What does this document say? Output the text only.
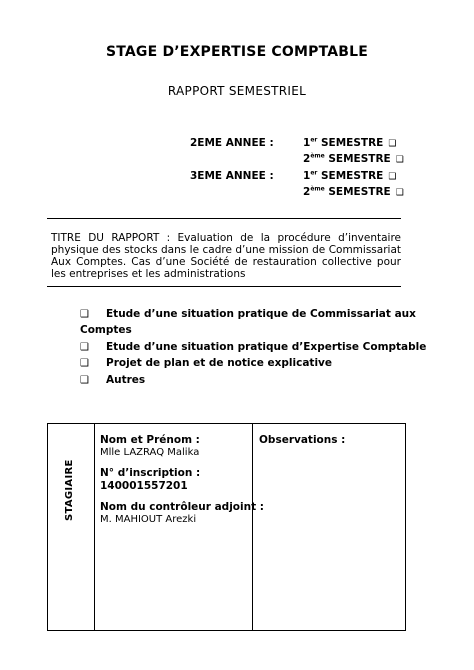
STAGE D’EXPERTISE COMPTABLE
RAPPORT SEMESTRIEL
2EME ANNEE :	1er SEMESTRE ❑
2ème SEMESTRE ❑
3EME ANNEE :	1er SEMESTRE ❑
2ème SEMESTRE ❑
TITRE DU RAPPORT : Evaluation de la procédure d’inventaire physique des stocks dans le cadre d’une mission de Commissariat Aux Comptes. Cas d’une Société de restauration collective pour les entreprises et les administrations
❑ Etude d’une situation pratique de Commissariat aux
Comptes
❑ Etude d’une situation pratique d’Expertise Comptable
❑ Projet de plan et de notice explicative
❑ Autres
STAGIAIRE
Nom et Prénom :
Mlle LAZRAQ Malika
N° d’inscription :
140001557201
Nom du contrôleur adjoint :
M. MAHIOUT Arezki
Observations :
